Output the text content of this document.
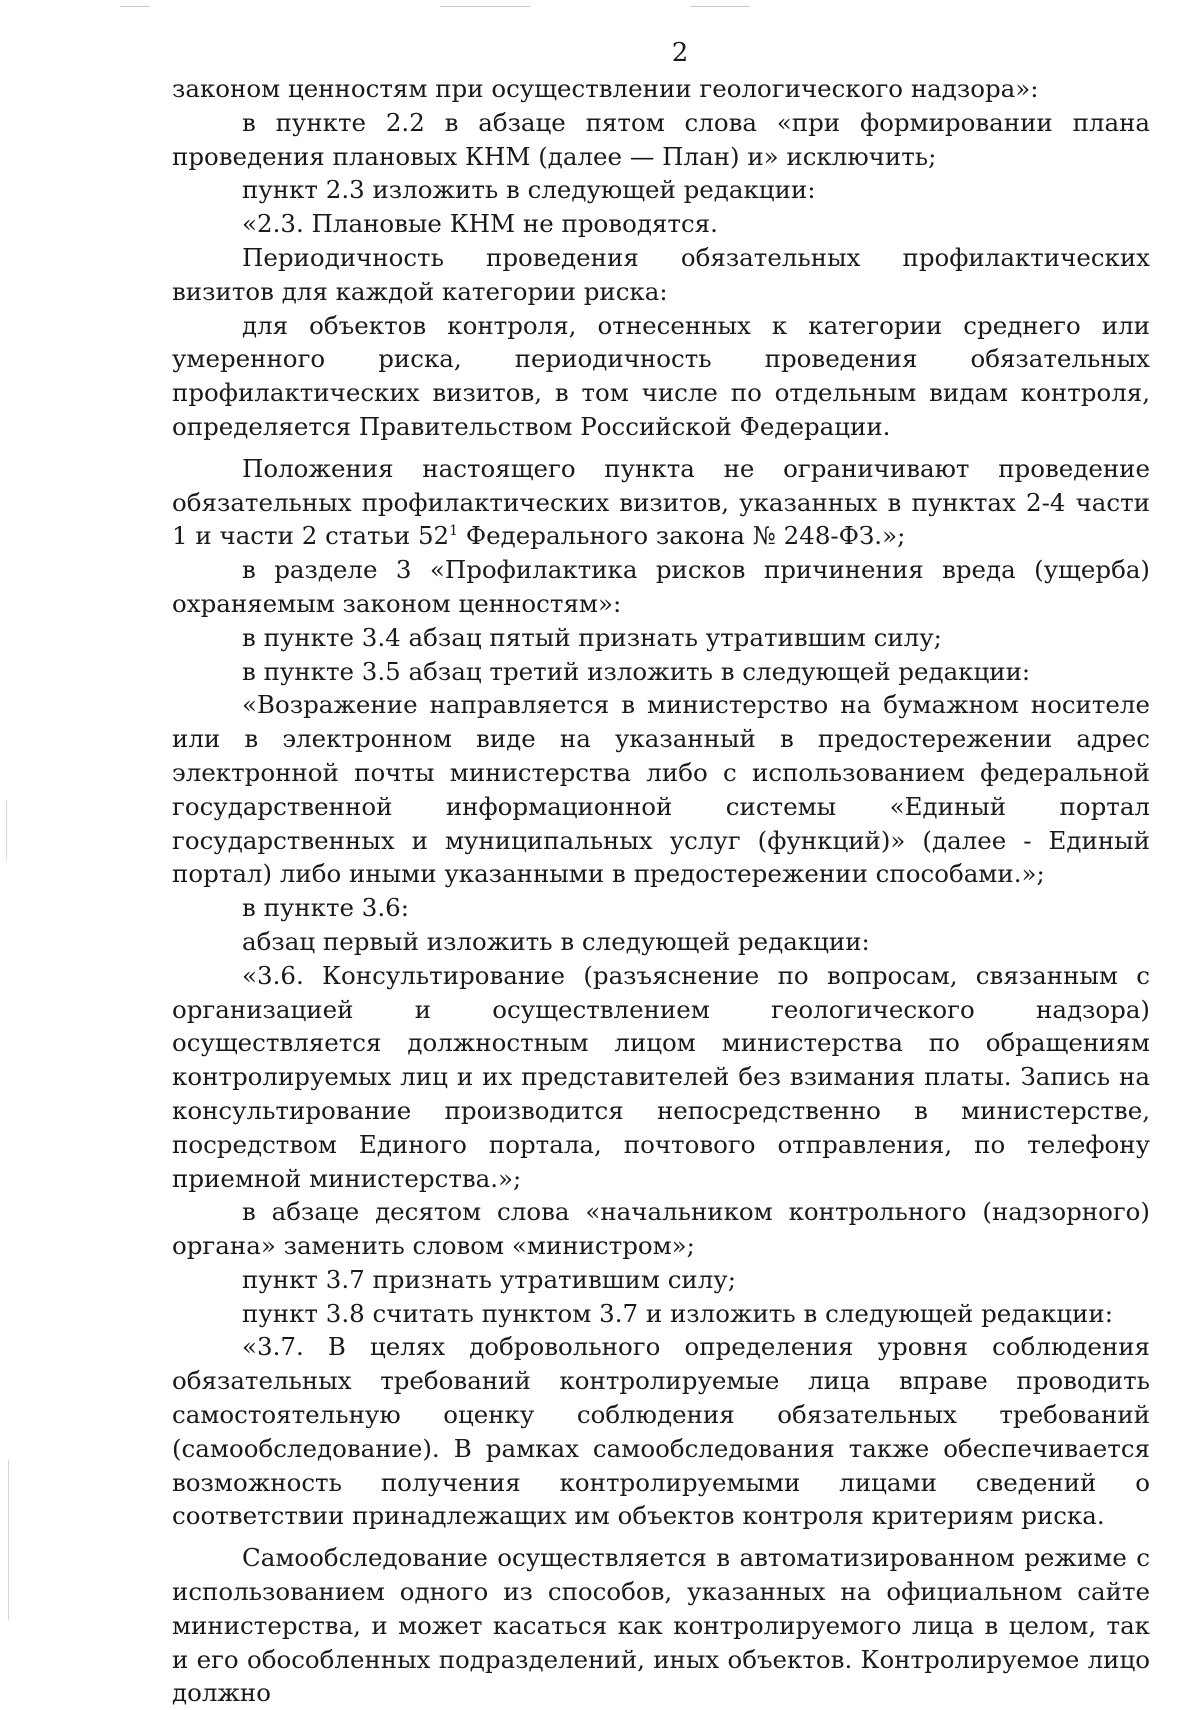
2

законом ценностям при осуществлении геологического надзора»:

в пункте 2.2 в абзаце пятом слова «при формировании плана проведения плановых КНМ (далее — План) и» исключить;

пункт 2.3 изложить в следующей редакции:

«2.3. Плановые КНМ не проводятся.

Периодичность проведения обязательных профилактических визитов для каждой категории риска:

для объектов контроля, отнесенных к категории среднего или умеренного риска, периодичность проведения обязательных профилактических визитов, в том числе по отдельным видам контроля, определяется Правительством Российской Федерации.

Положения настоящего пункта не ограничивают проведение обязательных профилактических визитов, указанных в пунктах 2-4 части 1 и части 2 статьи $52^1$ Федерального закона № 248-ФЗ.»;

в разделе 3 «Профилактика рисков причинения вреда (ущерба) охраняемым законом ценностям»:

в пункте 3.4 абзац пятый признать утратившим силу;

в пункте 3.5 абзац третий изложить в следующей редакции:

«Возражение направляется в министерство на бумажном носителе или в электронном виде на указанный в предостережении адрес электронной почты министерства либо с использованием федеральной государственной информационной системы «Единый портал государственных и муниципальных услуг (функций)» (далее - Единый портал) либо иными указанными в предостережении способами.»;

в пункте 3.6:

абзац первый изложить в следующей редакции:

«3.6. Консультирование (разъяснение по вопросам, связанным с организацией и осуществлением геологического надзора) осуществляется должностным лицом министерства по обращениям контролируемых лиц и их представителей без взимания платы. Запись на консультирование производится непосредственно в министерстве, посредством Единого портала, почтового отправления, по телефону приемной министерства.»;

в абзаце десятом слова «начальником контрольного (надзорного) органа» заменить словом «министром»;

пункт 3.7 признать утратившим силу;

пункт 3.8 считать пунктом 3.7 и изложить в следующей редакции:

«3.7. В целях добровольного определения уровня соблюдения обязательных требований контролируемые лица вправе проводить самостоятельную оценку соблюдения обязательных требований (самообследование). В рамках самообследования также обеспечивается возможность получения контролируемыми лицами сведений о соответствии принадлежащих им объектов контроля критериям риска.

Самообследование осуществляется в автоматизированном режиме с использованием одного из способов, указанных на официальном сайте министерства, и может касаться как контролируемого лица в целом, так и его обособленных подразделений, иных объектов. Контролируемое лицо должно
